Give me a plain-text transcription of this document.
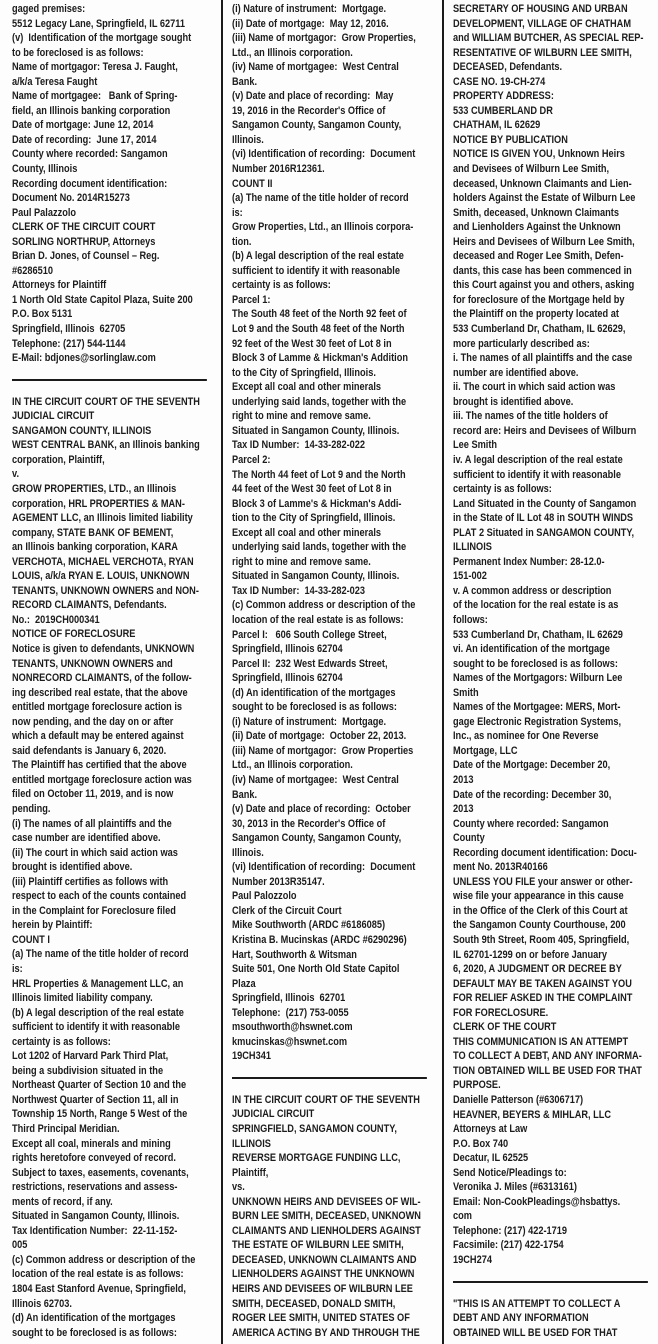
gaged premises:
5512 Legacy Lane, Springfield, IL 62711
(v)  Identification of the mortgage sought
to be foreclosed is as follows:
Name of mortgagor: Teresa J. Faught,
a/k/a Teresa Faught
Name of mortgagee:   Bank of Spring-
field, an Illinois banking corporation
Date of mortgage: June 12, 2014
Date of recording:  June 17, 2014
County where recorded: Sangamon
County, Illinois
Recording document identification:
Document No. 2014R15273
Paul Palazzolo
CLERK OF THE CIRCUIT COURT
SORLING NORTHRUP, Attorneys
Brian D. Jones, of Counsel – Reg.
#6286510
Attorneys for Plaintiff
1 North Old State Capitol Plaza, Suite 200
P.O. Box 5131
Springfield, Illinois  62705
Telephone: (217) 544-1144
E-Mail: bdjones@sorlinglaw.com
IN THE CIRCUIT COURT OF THE SEVENTH
JUDICIAL CIRCUIT
SANGAMON COUNTY, ILLINOIS
WEST CENTRAL BANK, an Illinois banking
corporation, Plaintiff,
v.
GROW PROPERTIES, LTD., an Illinois
corporation, HRL PROPERTIES & MAN-
AGEMENT LLC, an Illinois limited liability
company, STATE BANK OF BEMENT,
an Illinois banking corporation, KARA
VERCHOTA, MICHAEL VERCHOTA, RYAN
LOUIS, a/k/a RYAN E. LOUIS, UNKNOWN
TENANTS, UNKNOWN OWNERS and NON-
RECORD CLAIMANTS, Defendants.
No.:  2019CH000341
NOTICE OF FORECLOSURE
Notice is given to defendants, UNKNOWN
TENANTS, UNKNOWN OWNERS and
NONRECORD CLAIMANTS, of the follow-
ing described real estate, that the above
entitled mortgage foreclosure action is
now pending, and the day on or after
which a default may be entered against
said defendants is January 6, 2020.
The Plaintiff has certified that the above
entitled mortgage foreclosure action was
filed on October 11, 2019, and is now
pending.
(i) The names of all plaintiffs and the
case number are identified above.
(ii) The court in which said action was
brought is identified above.
(iii) Plaintiff certifies as follows with
respect to each of the counts contained
in the Complaint for Foreclosure filed
herein by Plaintiff:
COUNT I
(a) The name of the title holder of record
is:
HRL Properties & Management LLC, an
Illinois limited liability company.
(b) A legal description of the real estate
sufficient to identify it with reasonable
certainty is as follows:
Lot 1202 of Harvard Park Third Plat,
being a subdivision situated in the
Northeast Quarter of Section 10 and the
Northwest Quarter of Section 11, all in
Township 15 North, Range 5 West of the
Third Principal Meridian.
Except all coal, minerals and mining
rights heretofore conveyed of record.
Subject to taxes, easements, covenants,
restrictions, reservations and assess-
ments of record, if any.
Situated in Sangamon County, Illinois.
Tax Identification Number:  22-11-152-
005
(c) Common address or description of the
location of the real estate is as follows:
1804 East Stanford Avenue, Springfield,
Illinois 62703.
(d) An identification of the mortgages
sought to be foreclosed is as follows:
(i) Nature of instrument:  Mortgage.
(ii) Date of mortgage:  May 12, 2016.
(iii) Name of mortgagor:  Grow Properties,
Ltd., an Illinois corporation.
(iv) Name of mortgagee:  West Central
Bank.
(v) Date and place of recording:  May
19, 2016 in the Recorder's Office of
Sangamon County, Sangamon County,
Illinois.
(vi) Identification of recording:  Document
Number 2016R12361.
COUNT II
(a) The name of the title holder of record
is:
Grow Properties, Ltd., an Illinois corpora-
tion.
(b) A legal description of the real estate
sufficient to identify it with reasonable
certainty is as follows:
Parcel 1:
The South 48 feet of the North 92 feet of
Lot 9 and the South 48 feet of the North
92 feet of the West 30 feet of Lot 8 in
Block 3 of Lamme & Hickman's Addition
to the City of Springfield, Illinois.
Except all coal and other minerals
underlying said lands, together with the
right to mine and remove same.
Situated in Sangamon County, Illinois.
Tax ID Number:  14-33-282-022
Parcel 2:
The North 44 feet of Lot 9 and the North
44 feet of the West 30 feet of Lot 8 in
Block 3 of Lamme's & Hickman's Addi-
tion to the City of Springfield, Illinois.
Except all coal and other minerals
underlying said lands, together with the
right to mine and remove same.
Situated in Sangamon County, Illinois.
Tax ID Number:  14-33-282-023
(c) Common address or description of the
location of the real estate is as follows:
Parcel I:   606 South College Street,
Springfield, Illinois 62704
Parcel II:  232 West Edwards Street,
Springfield, Illinois 62704
(d) An identification of the mortgages
sought to be foreclosed is as follows:
(i) Nature of instrument:  Mortgage.
(ii) Date of mortgage:  October 22, 2013.
(iii) Name of mortgagor:  Grow Properties
Ltd., an Illinois corporation.
(iv) Name of mortgagee:  West Central
Bank.
(v) Date and place of recording:  October
30, 2013 in the Recorder's Office of
Sangamon County, Sangamon County,
Illinois.
(vi) Identification of recording:  Document
Number 2013R35147.
Paul Palozzolo
Clerk of the Circuit Court
Mike Southworth (ARDC #6186085)
Kristina B. Mucinskas (ARDC #6290296)
Hart, Southworth & Witsman
Suite 501, One North Old State Capitol
Plaza
Springfield, Illinois  62701
Telephone:  (217) 753-0055
msouthworth@hswnet.com
kmucinskas@hswnet.com
19CH341
IN THE CIRCUIT COURT OF THE SEVENTH
JUDICIAL CIRCUIT
SPRINGFIELD, SANGAMON COUNTY,
ILLINOIS
REVERSE MORTGAGE FUNDING LLC,
Plaintiff,
vs.
UNKNOWN HEIRS AND DEVISEES OF WIL-
BURN LEE SMITH, DECEASED, UNKNOWN
CLAIMANTS AND LIENHOLDERS AGAINST
THE ESTATE OF WILBURN LEE SMITH,
DECEASED, UNKNOWN CLAIMANTS AND
LIENHOLDERS AGAINST THE UNKNOWN
HEIRS AND DEVISEES OF WILBURN LEE
SMITH, DECEASED, DONALD SMITH,
ROGER LEE SMITH, UNITED STATES OF
AMERICA ACTING BY AND THROUGH THE
SECRETARY OF HOUSING AND URBAN
DEVELOPMENT, VILLAGE OF CHATHAM
and WILLIAM BUTCHER, AS SPECIAL REP-
RESENTATIVE OF WILBURN LEE SMITH,
DECEASED, Defendants.
CASE NO. 19-CH-274
PROPERTY ADDRESS:
533 CUMBERLAND DR
CHATHAM, IL 62629
NOTICE BY PUBLICATION
NOTICE IS GIVEN YOU, Unknown Heirs
and Devisees of Wilburn Lee Smith,
deceased, Unknown Claimants and Lien-
holders Against the Estate of Wilburn Lee
Smith, deceased, Unknown Claimants
and Lienholders Against the Unknown
Heirs and Devisees of Wilburn Lee Smith,
deceased and Roger Lee Smith, Defen-
dants, this case has been commenced in
this Court against you and others, asking
for foreclosure of the Mortgage held by
the Plaintiff on the property located at
533 Cumberland Dr, Chatham, IL 62629,
more particularly described as:
i. The names of all plaintiffs and the case
number are identified above.
ii. The court in which said action was
brought is identified above.
iii. The names of the title holders of
record are: Heirs and Devisees of Wilburn
Lee Smith
iv. A legal description of the real estate
sufficient to identify it with reasonable
certainty is as follows:
Land Situated in the County of Sangamon
in the State of IL Lot 48 in SOUTH WINDS
PLAT 2 Situated in SANGAMON COUNTY,
ILLINOIS
Permanent Index Number: 28-12.0-
151-002
v. A common address or description
of the location for the real estate is as
follows:
533 Cumberland Dr, Chatham, IL 62629
vi. An identification of the mortgage
sought to be foreclosed is as follows:
Names of the Mortgagors: Wilburn Lee
Smith
Names of the Mortgagee: MERS, Mort-
gage Electronic Registration Systems,
Inc., as nominee for One Reverse
Mortgage, LLC
Date of the Mortgage: December 20,
2013
Date of the recording: December 30,
2013
County where recorded: Sangamon
County
Recording document identification: Docu-
ment No. 2013R40166
UNLESS YOU FILE your answer or other-
wise file your appearance in this cause
in the Office of the Clerk of this Court at
the Sangamon County Courthouse, 200
South 9th Street, Room 405, Springfield,
IL 62701-1299 on or before January
6, 2020, A JUDGMENT OR DECREE BY
DEFAULT MAY BE TAKEN AGAINST YOU
FOR RELIEF ASKED IN THE COMPLAINT
FOR FORECLOSURE.
CLERK OF THE COURT
THIS COMMUNICATION IS AN ATTEMPT
TO COLLECT A DEBT, AND ANY INFORMA-
TION OBTAINED WILL BE USED FOR THAT
PURPOSE.
Danielle Patterson (#6306717)
HEAVNER, BEYERS & MIHLAR, LLC
Attorneys at Law
P.O. Box 740
Decatur, IL 62525
Send Notice/Pleadings to:
Veronika J. Miles (#6313161)
Email: Non-CookPleadings@hsbattys.
com
Telephone: (217) 422-1719
Facsimile: (217) 422-1754
19CH274
"THIS IS AN ATTEMPT TO COLLECT A
DEBT AND ANY INFORMATION
OBTAINED WILL BE USED FOR THAT
